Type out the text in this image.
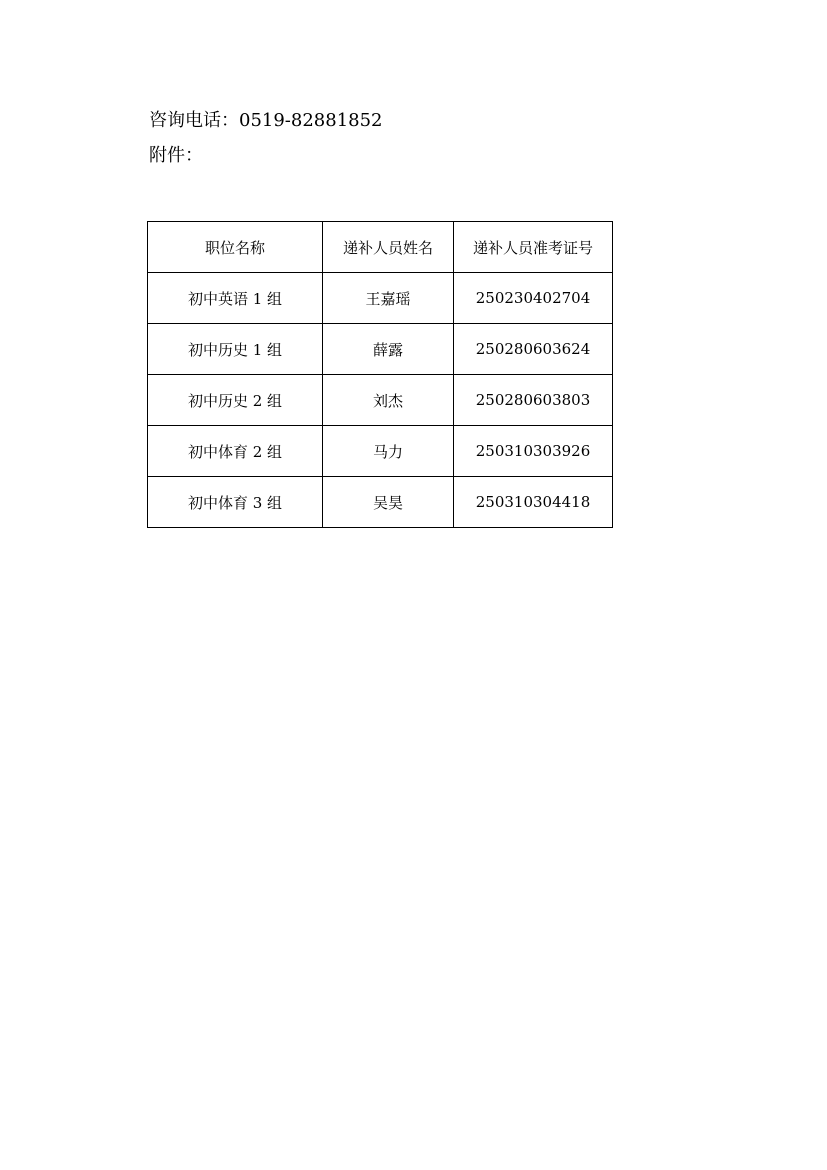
咨询电话：0519-82881852
附件：
职位名称	递补人员姓名	递补人员准考证号
初中英语 1 组	王嘉瑶	250230402704
初中历史 1 组	薛露	250280603624
初中历史 2 组	刘杰	250280603803
初中体育 2 组	马力	250310303926
初中体育 3 组	吴昊	250310304418
